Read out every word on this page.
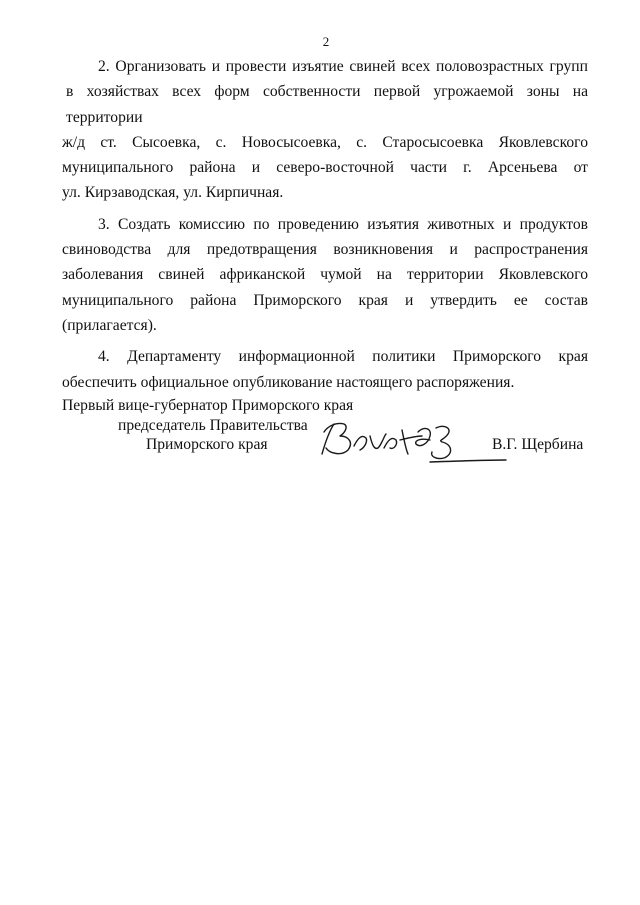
2

2. Организовать и провести изъятие свиней всех половозрастных групп
в хозяйствах всех форм собственности первой угрожаемой зоны на территории
ж/д ст. Сысоевка, с. Новосысоевка, с. Старосысоевка Яковлевского
муниципального района и северо-восточной части г. Арсеньева от
ул. Кирзаводская, ул. Кирпичная.

3. Создать комиссию по проведению изъятия животных и продуктов
свиноводства для предотвращения возникновения и распространения
заболевания свиней африканской чумой на территории Яковлевского
муниципального района Приморского края и утвердить ее состав (прилагается).

4. Департаменту информационной политики Приморского края
обеспечить официальное опубликование настоящего распоряжения.

Первый вице-губернатор Приморского края
председатель Правительства
Приморского края	В.Г. Щербина
